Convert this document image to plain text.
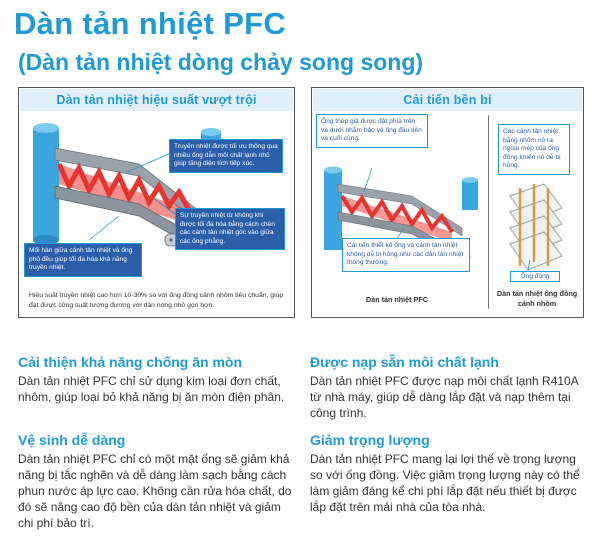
Dàn tản nhiệt PFC
(Dàn tản nhiệt dòng chảy song song)
Dàn tản nhiệt hiệu suất vượt trội
Truyền nhiệt được tối ưu thông qua nhiều ống dẫn môi chất lạnh nhỏ giúp tăng diện tích tiếp xúc.
Sự truyền nhiệt từ không khí được tối đa hóa bằng cách chèn các cánh tản nhiệt góc vào giữa các ống phẳng.
Mối hàn giữa cánh tản nhiệt và ống phủ đều giúp tối đa hóa khả năng truyền nhiệt.
Hiệu suất truyền nhiệt cao hơn 10-30% so với ống đồng cánh nhôm tiêu chuẩn, giúp đạt được công suất tương đương với dàn nóng nhỏ gọn hơn.
Cải tiến bền bỉ
Ống thép giả được đặt phía trên và dưới nhằm bảo vệ ống đầu tiên và cuối cùng.
Cải tiến thiết kế ống và cánh tản nhiệt không dễ bị hỏng như các dàn tản nhiệt thông thường.
Các cánh tản nhiệt bằng nhôm nỏ ra ngoài mép của ống đồng khiến nó dễ bị hỏng.
Dàn tản nhiệt PFC
Ống đồng
Dàn tản nhiệt ống đồng cánh nhôm
Cải thiện khả năng chống ăn mòn

Dàn tản nhiệt PFC chỉ sử dụng kim loại đơn chất, nhôm, giúp loại bỏ khả năng bị ăn mòn điện phân.

Được nạp sẵn môi chất lạnh

Dàn tản nhiệt PFC được nạp môi chất lạnh R410A từ nhà máy, giúp dễ dàng lắp đặt và nạp thêm tại công trình.

Vệ sinh dễ dàng

Dàn tản nhiệt PFC chỉ có một mặt ống sẽ giảm khả năng bị tắc nghẽn và dễ dàng làm sạch bằng cách phun nước áp lực cao. Không cần rửa hóa chất, do đó sẽ nâng cao độ bền của dàn tản nhiệt và giảm chi phí bảo trì.

Giảm trọng lượng

Dàn tản nhiệt PFC mang lại lợi thế về trọng lượng so với ống đồng. Việc giảm trọng lượng này có thể làm giảm đáng kể chi phí lắp đặt nếu thiết bị được lắp đặt trên mái nhà của tòa nhà.
